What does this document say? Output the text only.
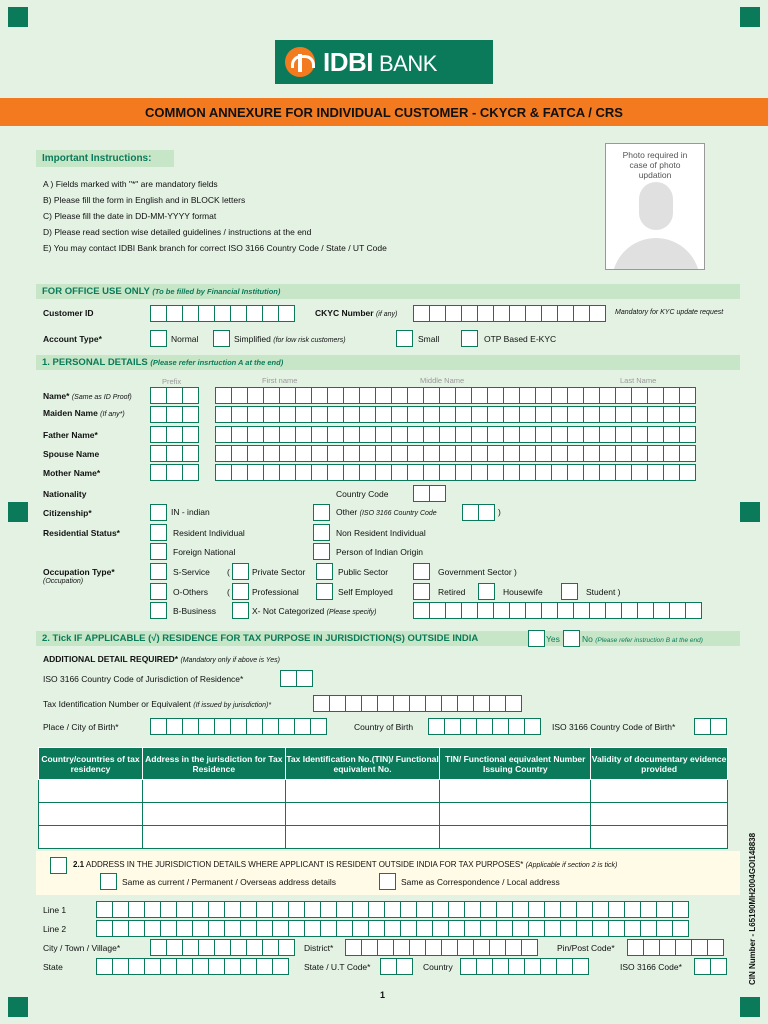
IDBI BANK
COMMON ANNEXURE FOR INDIVIDUAL CUSTOMER - CKYCR & FATCA / CRS
Important Instructions:
A ) Fields marked with "*" are mandatory fields
B) Please fill the form in English and in BLOCK letters
C) Please fill the date in DD-MM-YYYY format
D) Please read section wise detailed guidelines / instructions at the end
E) You may contact IDBI Bank branch for correct ISO 3166 Country Code / State / UT Code
Photo required in case of photo updation
FOR OFFICE USE ONLY (To be filled by Financial Institution)
Customer ID	CKYC Number (if any)	Mandatory for KYC update request
Account Type*	Normal	Simplified (for low risk customers)	Small	OTP Based E-KYC
1. PERSONAL DETAILS (Please refer insrtuction A at the end)
Prefix	First name	Middle Name	Last Name
Name* (Same as ID Proof)
Maiden Name (If any*)
Father Name*
Spouse Name
Mother Name*
Nationality	Country Code
Citizenship*	IN - indian	Other (ISO 3166 Country Code	)
Residential Status*	Resident Individual	Non Resident Individual
Foreign National	Person of Indian Origin
Occupation Type*
(Occupation)
S-Service (	Private Sector	Public Sector	Government Sector )
O-Others (	Professional	Self Employed	Retired	Housewife	Student )
B-Business	X- Not Categorized (Please specify)
2. Tick IF APPLICABLE (√) RESIDENCE FOR TAX PURPOSE IN JURISDICTION(S) OUTSIDE INDIA	Yes	No (Please refer instruction B at the end)
ADDITIONAL DETAIL REQUIRED* (Mandatory only if above is Yes)
ISO 3166 Country Code of Jurisdiction of Residence*
Tax Identification Number or Equivalent (If issued by jurisdiction)*
Place / City of Birth*	Country of Birth	ISO 3166 Country Code of Birth*
Country/countries of tax residency	Address in the jurisdiction for Tax Residence	Tax Identification No.(TIN)/ Functional equivalent No.	TIN/ Functional equivalent Number Issuing Country	Validity of documentary evidence provided

2.1 ADDRESS IN THE JURISDICTION DETAILS WHERE APPLICANT IS RESIDENT OUTSIDE INDIA FOR TAX PURPOSES* (Applicable if section 2 is tick)
Same as current / Permanent / Overseas address details	Same as Correspondence / Local address
Line 1
Line 2
City / Town / Village*	District*	Pin/Post Code*
State	State / U.T Code*	Country	ISO 3166 Code*	CIN Number - L65190MH2004GOI148838
1
